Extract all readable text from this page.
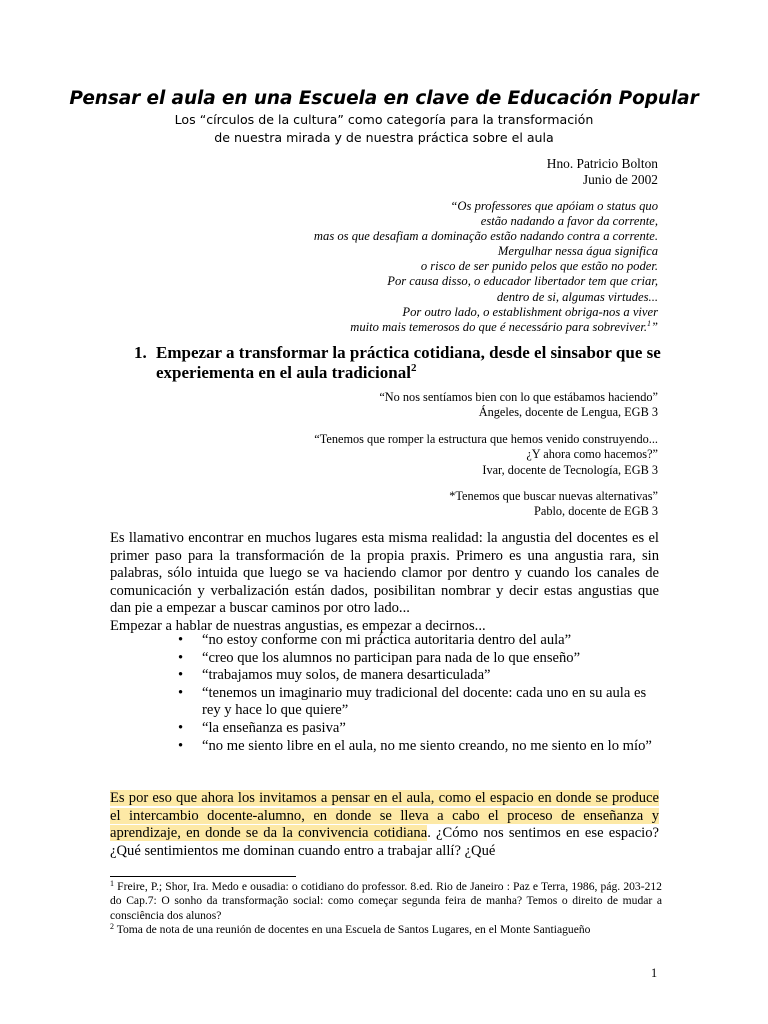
Pensar el aula en una Escuela en clave de Educación Popular
Los “círculos de la cultura” como categoría para la transformación
de nuestra mirada y de nuestra práctica sobre el aula
Hno. Patricio Bolton
Junio de 2002
“Os professores que apóiam o status quo
estão nadando a favor da corrente,
mas os que desafiam a dominação estão nadando contra a corrente.
Mergulhar nessa água significa
o risco de ser punido pelos que estão no poder.
Por causa disso, o educador libertador tem que criar,
dentro de si, algumas virtudes...
Por outro lado, o establishment obriga-nos a viver
muito mais temerosos do que é necessário para sobreviver.$^1$”
1. Empezar a transformar la práctica cotidiana, desde el sinsabor que se
experiementa en el aula tradicional$^2$
“No nos sentíamos bien con lo que estábamos haciendo”
Ángeles, docente de Lengua, EGB 3
“Tenemos que romper la estructura que hemos venido construyendo...
¿Y ahora como hacemos?”
Ivar, docente de Tecnología, EGB 3
*Tenemos que buscar nuevas alternativas”
Pablo, docente de EGB 3
Es llamativo encontrar en muchos lugares esta misma realidad: la angustia del docentes es el primer paso para la transformación de la propia praxis. Primero es una angustia rara, sin palabras, sólo intuida que luego se va haciendo clamor por dentro y cuando los canales de comunicación y verbalización están dados, posibilitan nombrar y decir estas angustias que dan pie a empezar a buscar caminos por otro lado...
Empezar a hablar de nuestras angustias, es empezar a decirnos...
• “no estoy conforme con mi práctica autoritaria dentro del aula”
• “creo que los alumnos no participan para nada de lo que enseño”
• “trabajamos muy solos, de manera desarticulada”
• “tenemos un imaginario muy tradicional del docente: cada uno en su aula es rey y hace lo que quiere”
• “la enseñanza es pasiva”
• “no me siento libre en el aula, no me siento creando, no me siento en lo mío”
Es por eso que ahora los invitamos a pensar en el aula, como el espacio en donde se produce el intercambio docente-alumno, en donde se lleva a cabo el proceso de enseñanza y aprendizaje, en donde se da la convivencia cotidiana. ¿Cómo nos sentimos en ese espacio? ¿Qué sentimientos me dominan cuando entro a trabajar allí? ¿Qué

$^1$ Freire, P.; Shor, Ira. Medo e ousadia: o cotidiano do professor. 8.ed. Rio de Janeiro : Paz e Terra, 1986, pág. 203-212 do Cap.7: O sonho da transformação social: como começar segunda feira de manha? Temos o direito de mudar a consciência dos alunos?

$^2$ Toma de nota de una reunión de docentes en una Escuela de Santos Lugares, en el Monte Santiagueño

1
